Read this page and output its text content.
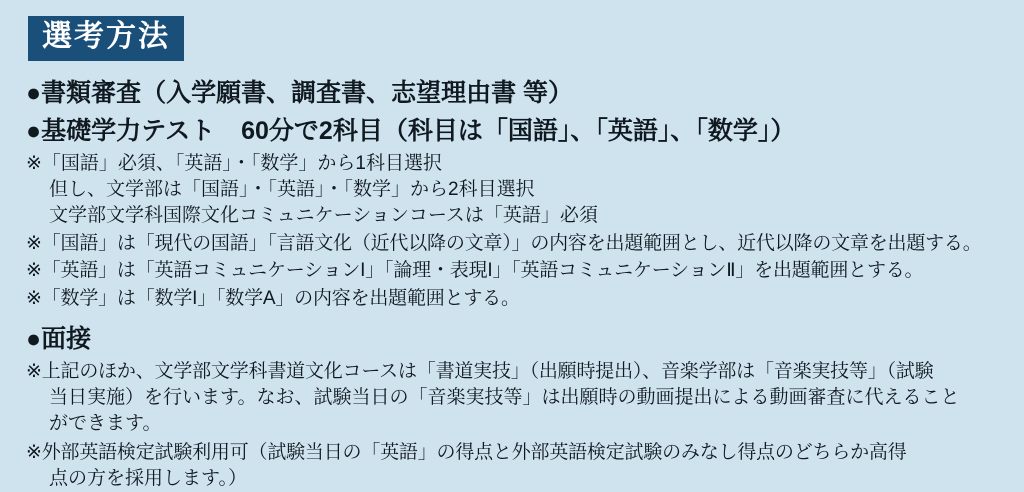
選考方法
●書類審査（入学願書、調査書、志望理由書 等）
●基礎学力テスト 60分で2科目（科目は「国語」、「英語」、「数学」）
※「国語」必須、「英語」・「数学」から1科目選択
但し、文学部は「国語」・「英語」・「数学」から2科目選択
文学部文学科国際文化コミュニケーションコースは「英語」必須
※「国語」は「現代の国語」「言語文化（近代以降の文章）」の内容を出題範囲とし、近代以降の文章を出題する。
※「英語」は「英語コミュニケーションI」「論理・表現I」「英語コミュニケーションⅡ」を出題範囲とする。
※「数学」は「数学I」「数学A」の内容を出題範囲とする。
●面接
※上記のほか、文学部文学科書道文化コースは「書道実技」（出願時提出）、音楽学部は「音楽実技等」（試験 当日実施）を行います。なお、試験当日の「音楽実技等」は出願時の動画提出による動画審査に代えること ができます。
※外部英語検定試験利用可（試験当日の「英語」の得点と外部英語検定試験のみなし得点のどちらか高得 点の方を採用します。）
